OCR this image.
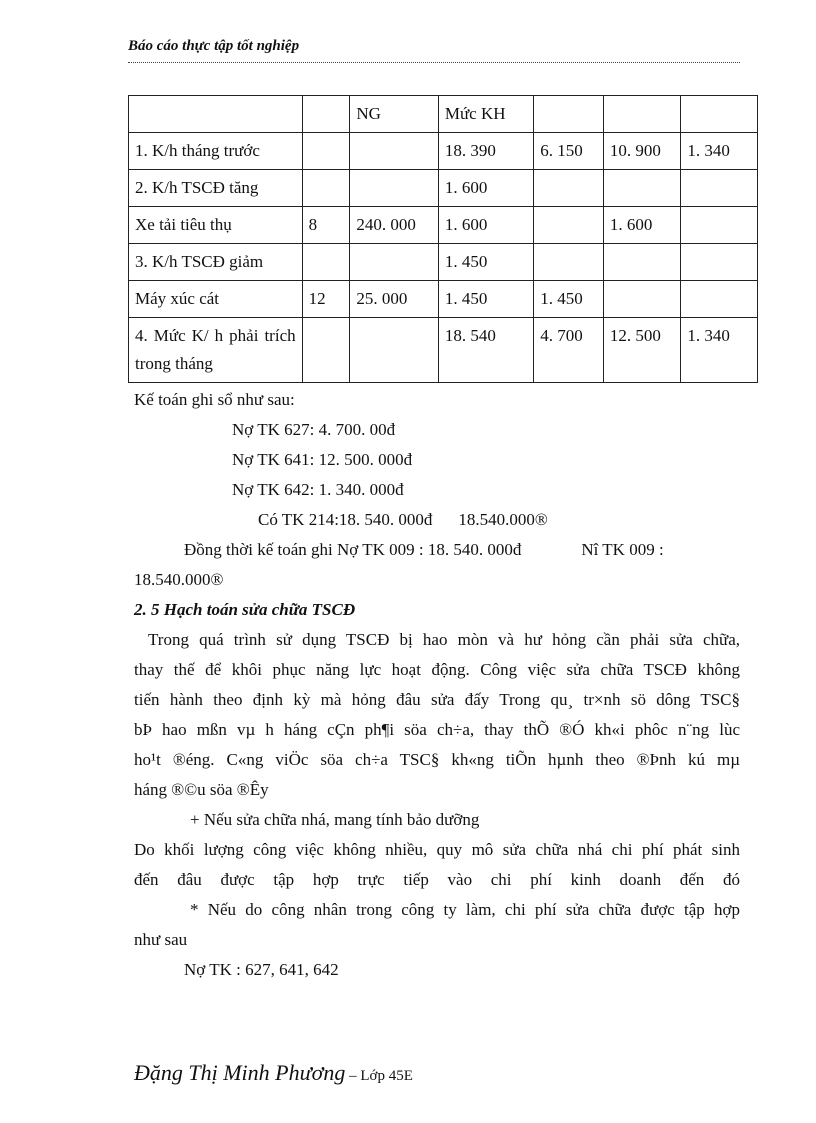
Báo cáo thực tập tốt nghiệp
		NG	Mức KH			
1. K/h tháng trước			18. 390	6. 150	10. 900	1. 340
2. K/h TSCĐ tăng			1. 600			
Xe tải tiêu thụ	8	240. 000	1. 600		1. 600	
3. K/h TSCĐ giảm			1. 450			
Máy xúc cát	12	25. 000	1. 450	1. 450		
4. Mức K/ h phải trích trong tháng			18. 540	4. 700	12. 500	1. 340
Kế toán ghi sổ như sau:
Nợ TK 627: 4. 700. 00đ
Nợ TK 641: 12. 500. 000đ
Nợ TK 642: 1. 340. 000đ
Có TK 214:18. 540. 000đ 18.540.000®
Đồng thời kế toán ghi Nợ TK 009 : 18. 540. 000đ	Nî TK 009 :
18.540.000®
2. 5 Hạch toán sửa chữa TSCĐ
Trong quá trình sử dụng TSCĐ bị hao mòn và hư hỏng cần phải sửa chữa,
thay thế để khôi phục năng lực hoạt động. Công việc sửa chữa TSCĐ không
tiến hành theo định kỳ mà hỏng đâu sửa đấy Trong qu¸ tr×nh sö dông TSC§
bÞ hao mßn vµ h háng cÇn ph¶i söa ch÷a, thay thÕ ®Ó kh«i phôc n¨ng lùc
ho¹t ®éng. C«ng viÖc söa ch÷a TSC§ kh«ng tiÕn hµnh theo ®Þnh kú mµ
háng ®©u söa ®Êy
+ Nếu sửa chữa nhá, mang tính bảo dưỡng
Do khối lượng công việc không nhiều, quy mô sửa chữa nhá chi phí phát sinh
đến đâu được tập hợp trực tiếp vào chi phí kinh doanh đến đó
* Nếu do công nhân trong công ty làm, chi phí sửa chữa được tập hợp
như sau
Nợ TK : 627, 641, 642
Đặng Thị Minh Phương – Lớp 45E
